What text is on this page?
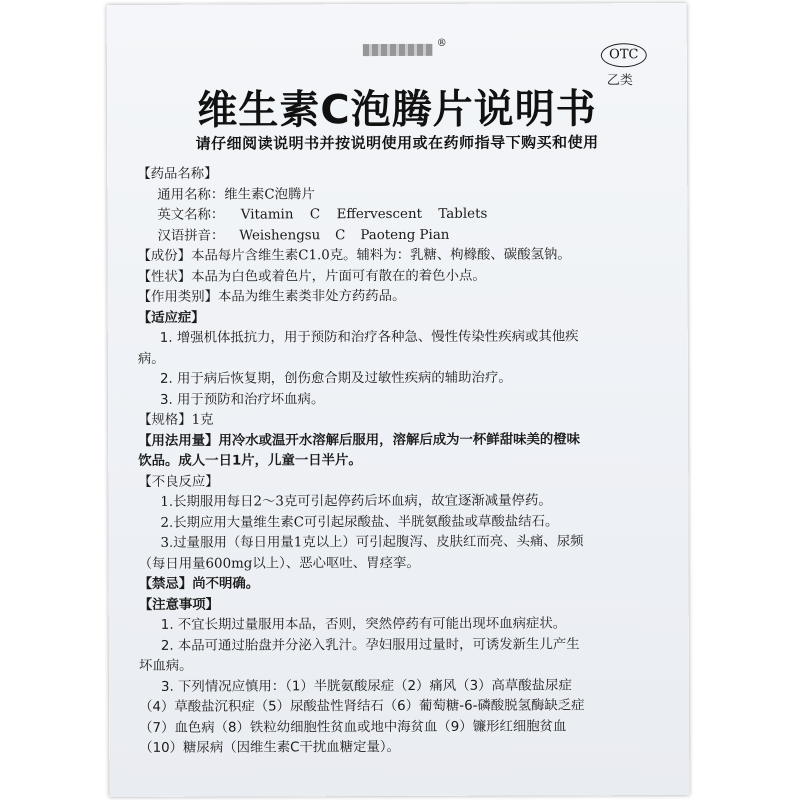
®
OTC
乙类
维生素C泡腾片说明书
请仔细阅读说明书并按说明使用或在药师指导下购买和使用
【药品名称】
通用名称：维生素C泡腾片
英文名称： Vitamin C Effervescent Tablets
汉语拼音： Weishengsu C Paoteng Pian
【成份】本品每片含维生素C1.0克。辅料为：乳糖、枸橼酸、碳酸氢钠。
【性状】本品为白色或着色片，片面可有散在的着色小点。
【作用类别】本品为维生素类非处方药药品。
【适应症】
1. 增强机体抵抗力，用于预防和治疗各种急、慢性传染性疾病或其他疾
病。
2. 用于病后恢复期，创伤愈合期及过敏性疾病的辅助治疗。
3. 用于预防和治疗坏血病。
【规格】1克
【用法用量】用冷水或温开水溶解后服用，溶解后成为一杯鲜甜味美的橙味
饮品。成人一日1片，儿童一日半片。
【不良反应】
1.长期服用每日2～3克可引起停药后坏血病，故宜逐渐减量停药。
2.长期应用大量维生素C可引起尿酸盐、半胱氨酸盐或草酸盐结石。
3.过量服用（每日用量1克以上）可引起腹泻、皮肤红而亮、头痛、尿频
（每日用量600mg以上）、恶心呕吐、胃痉挛。
【禁忌】尚不明确。
【注意事项】
1. 不宜长期过量服用本品，否则，突然停药有可能出现坏血病症状。
2. 本品可通过胎盘并分泌入乳汁。孕妇服用过量时，可诱发新生儿产生
坏血病。
3. 下列情况应慎用：（1）半胱氨酸尿症（2）痛风（3）高草酸盐尿症
（4）草酸盐沉积症（5）尿酸盐性肾结石（6）葡萄糖-6-磷酸脱氢酶缺乏症
（7）血色病（8）铁粒幼细胞性贫血或地中海贫血（9）镰形红细胞贫血
（10）糖尿病（因维生素C干扰血糖定量）。
